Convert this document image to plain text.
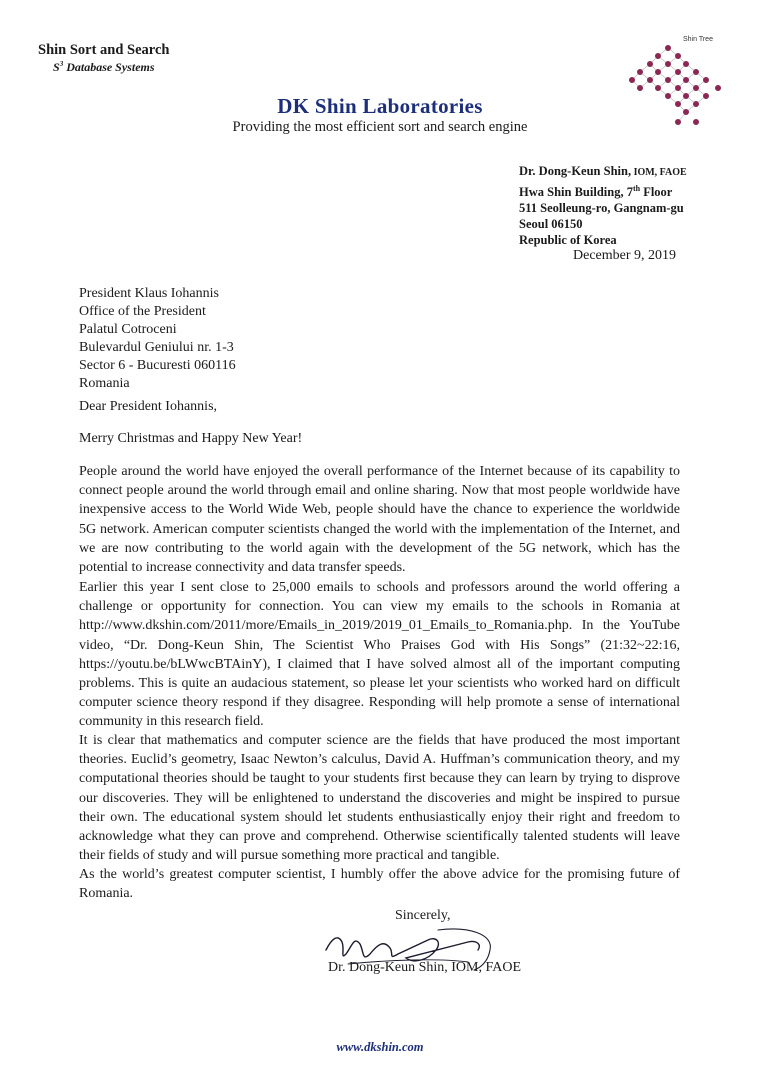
Shin Sort and Search
$S^3$ Database Systems
DK Shin Laboratories
Providing the most efficient sort and search engine
Shin Tree
Dr. Dong-Keun Shin, IOM, FAOE
Hwa Shin Building, 7th Floor
511 Seolleung-ro, Gangnam-gu
Seoul 06150
Republic of Korea
December 9, 2019
President Klaus Iohannis
Office of the President
Palatul Cotroceni
Bulevardul Geniului nr. 1-3
Sector 6 - Bucuresti 060116
Romania
Dear President Iohannis,
Merry Christmas and Happy New Year!
People around the world have enjoyed the overall performance of the Internet because of its capability to connect people around the world through email and online sharing. Now that most people worldwide have inexpensive access to the World Wide Web, people should have the chance to experience the worldwide 5G network. American computer scientists changed the world with the implementation of the Internet, and we are now contributing to the world again with the development of the 5G network, which has the potential to increase connectivity and data transfer speeds.
Earlier this year I sent close to 25,000 emails to schools and professors around the world offering a challenge or opportunity for connection. You can view my emails to the schools in Romania at http://www.dkshin.com/2011/more/Emails_in_2019/2019_01_Emails_to_Romania.php. In the YouTube video, “Dr. Dong-Keun Shin, The Scientist Who Praises God with His Songs” (21:32~22:16, https://youtu.be/bLWwcBTAinY), I claimed that I have solved almost all of the important computing problems. This is quite an audacious statement, so please let your scientists who worked hard on difficult computer science theory respond if they disagree. Responding will help promote a sense of international community in this research field.
It is clear that mathematics and computer science are the fields that have produced the most important theories. Euclid’s geometry, Isaac Newton’s calculus, David A. Huffman’s communication theory, and my computational theories should be taught to your students first because they can learn by trying to disprove our discoveries. They will be enlightened to understand the discoveries and might be inspired to pursue their own. The educational system should let students enthusiastically enjoy their right and freedom to acknowledge what they can prove and comprehend. Otherwise scientifically talented students will leave their fields of study and will pursue something more practical and tangible.
As the world’s greatest computer scientist, I humbly offer the above advice for the promising future of Romania.
Sincerely,
Dr. Dong-Keun Shin, IOM, FAOE
www.dkshin.com
